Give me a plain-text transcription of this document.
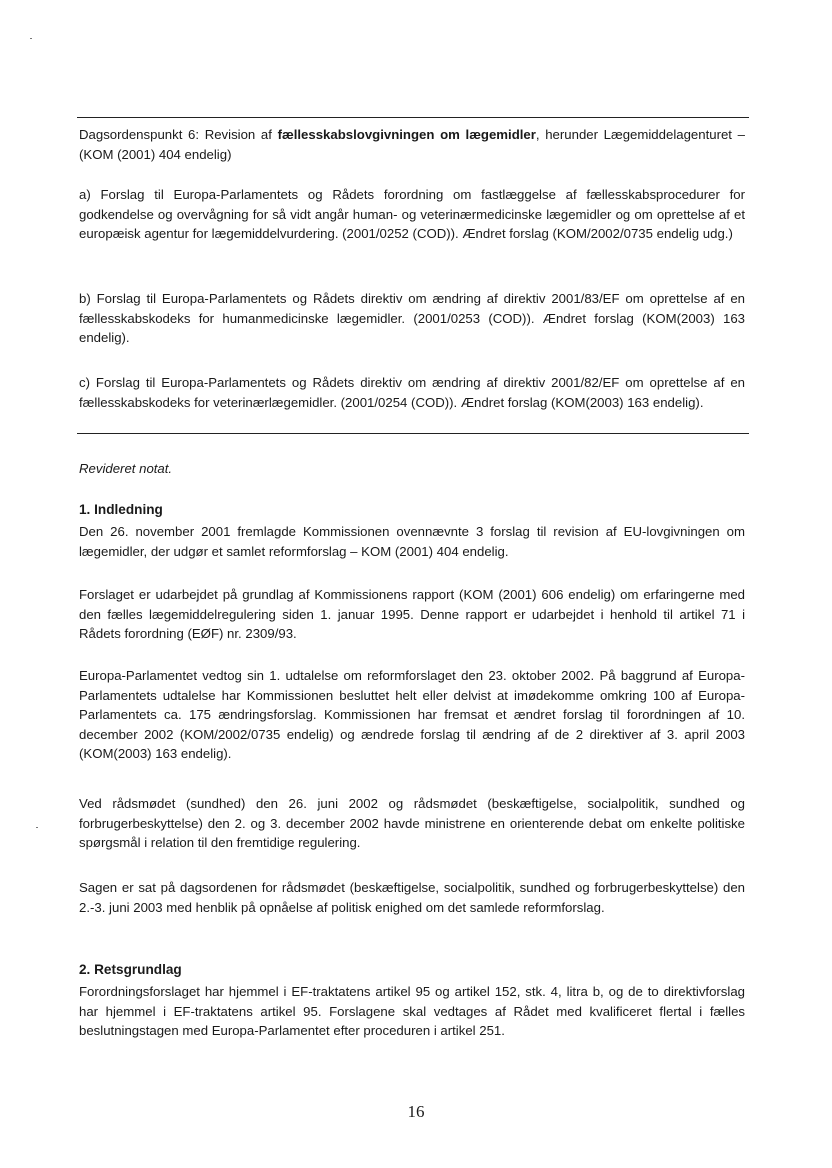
Dagsordenspunkt 6: Revision af fællesskabslovgivningen om lægemidler, herunder Lægemiddelagenturet – (KOM (2001) 404 endelig)

a) Forslag til Europa-Parlamentets og Rådets forordning om fastlæggelse af fællesskabsprocedurer for godkendelse og overvågning for så vidt angår human- og veterinærmedicinske lægemidler og om oprettelse af et europæisk agentur for lægemiddelvurdering. (2001/0252 (COD)). Ændret forslag (KOM/2002/0735 endelig udg.)

b) Forslag til Europa-Parlamentets og Rådets direktiv om ændring af direktiv 2001/83/EF om oprettelse af en fællesskabskodeks for humanmedicinske lægemidler. (2001/0253 (COD)). Ændret forslag (KOM(2003) 163 endelig).

c) Forslag til Europa-Parlamentets og Rådets direktiv om ændring af direktiv 2001/82/EF om oprettelse af en fællesskabskodeks for veterinærlægemidler. (2001/0254 (COD)). Ændret forslag (KOM(2003) 163 endelig).

Revideret notat.

1. Indledning

Den 26. november 2001 fremlagde Kommissionen ovennævnte 3 forslag til revision af EU-lovgivningen om lægemidler, der udgør et samlet reformforslag – KOM (2001) 404 endelig.

Forslaget er udarbejdet på grundlag af Kommissionens rapport (KOM (2001) 606 endelig) om erfaringerne med den fælles lægemiddelregulering siden 1. januar 1995. Denne rapport er udarbejdet i henhold til artikel 71 i Rådets forordning (EØF) nr. 2309/93.

Europa-Parlamentet vedtog sin 1. udtalelse om reformforslaget den 23. oktober 2002. På baggrund af Europa-Parlamentets udtalelse har Kommissionen besluttet helt eller delvist at imødekomme omkring 100 af Europa-Parlamentets ca. 175 ændringsforslag. Kommissionen har fremsat et ændret forslag til forordningen af 10. december 2002 (KOM/2002/0735 endelig) og ændrede forslag til ændring af de 2 direktiver af 3. april 2003 (KOM(2003) 163 endelig).

Ved rådsmødet (sundhed) den 26. juni 2002 og rådsmødet (beskæftigelse, socialpolitik, sundhed og forbrugerbeskyttelse) den 2. og 3. december 2002 havde ministrene en orienterende debat om enkelte politiske spørgsmål i relation til den fremtidige regulering.

Sagen er sat på dagsordenen for rådsmødet (beskæftigelse, socialpolitik, sundhed og forbrugerbeskyttelse) den 2.-3. juni 2003 med henblik på opnåelse af politisk enighed om det samlede reformforslag.

2. Retsgrundlag

Forordningsforslaget har hjemmel i EF-traktatens artikel 95 og artikel 152, stk. 4, litra b, og de to direktivforslag har hjemmel i EF-traktatens artikel 95. Forslagene skal vedtages af Rådet med kvalificeret flertal i fælles beslutningstagen med Europa-Parlamentet efter proceduren i artikel 251.

16
